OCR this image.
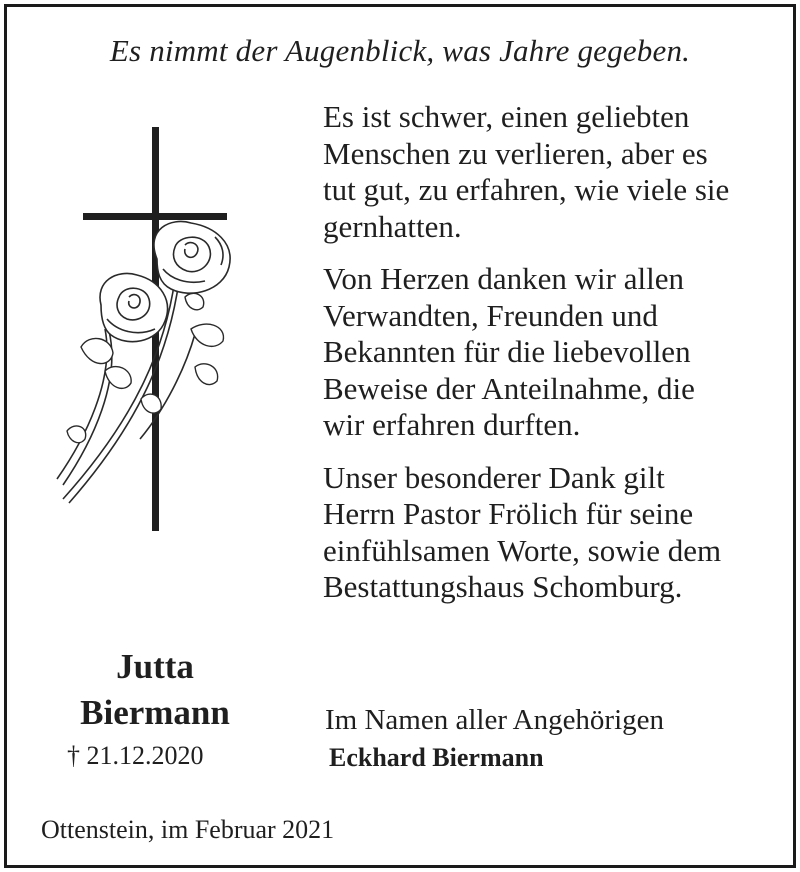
Es nimmt der Augenblick, was Jahre gegeben.

Es ist schwer, einen geliebten
Menschen zu verlieren, aber es
tut gut, zu erfahren, wie viele sie
gernhatten.

Von Herzen danken wir allen
Verwandten, Freunden und
Bekannten für die liebevollen
Beweise der Anteilnahme, die
wir erfahren durften.

Unser besonderer Dank gilt
Herrn Pastor Frölich für seine
einfühlsamen Worte, sowie dem
Bestattungshaus Schomburg.

Jutta
Biermann
† 21.12.2020
Im Namen aller Angehörigen
Eckhard Biermann
Ottenstein, im Februar 2021
